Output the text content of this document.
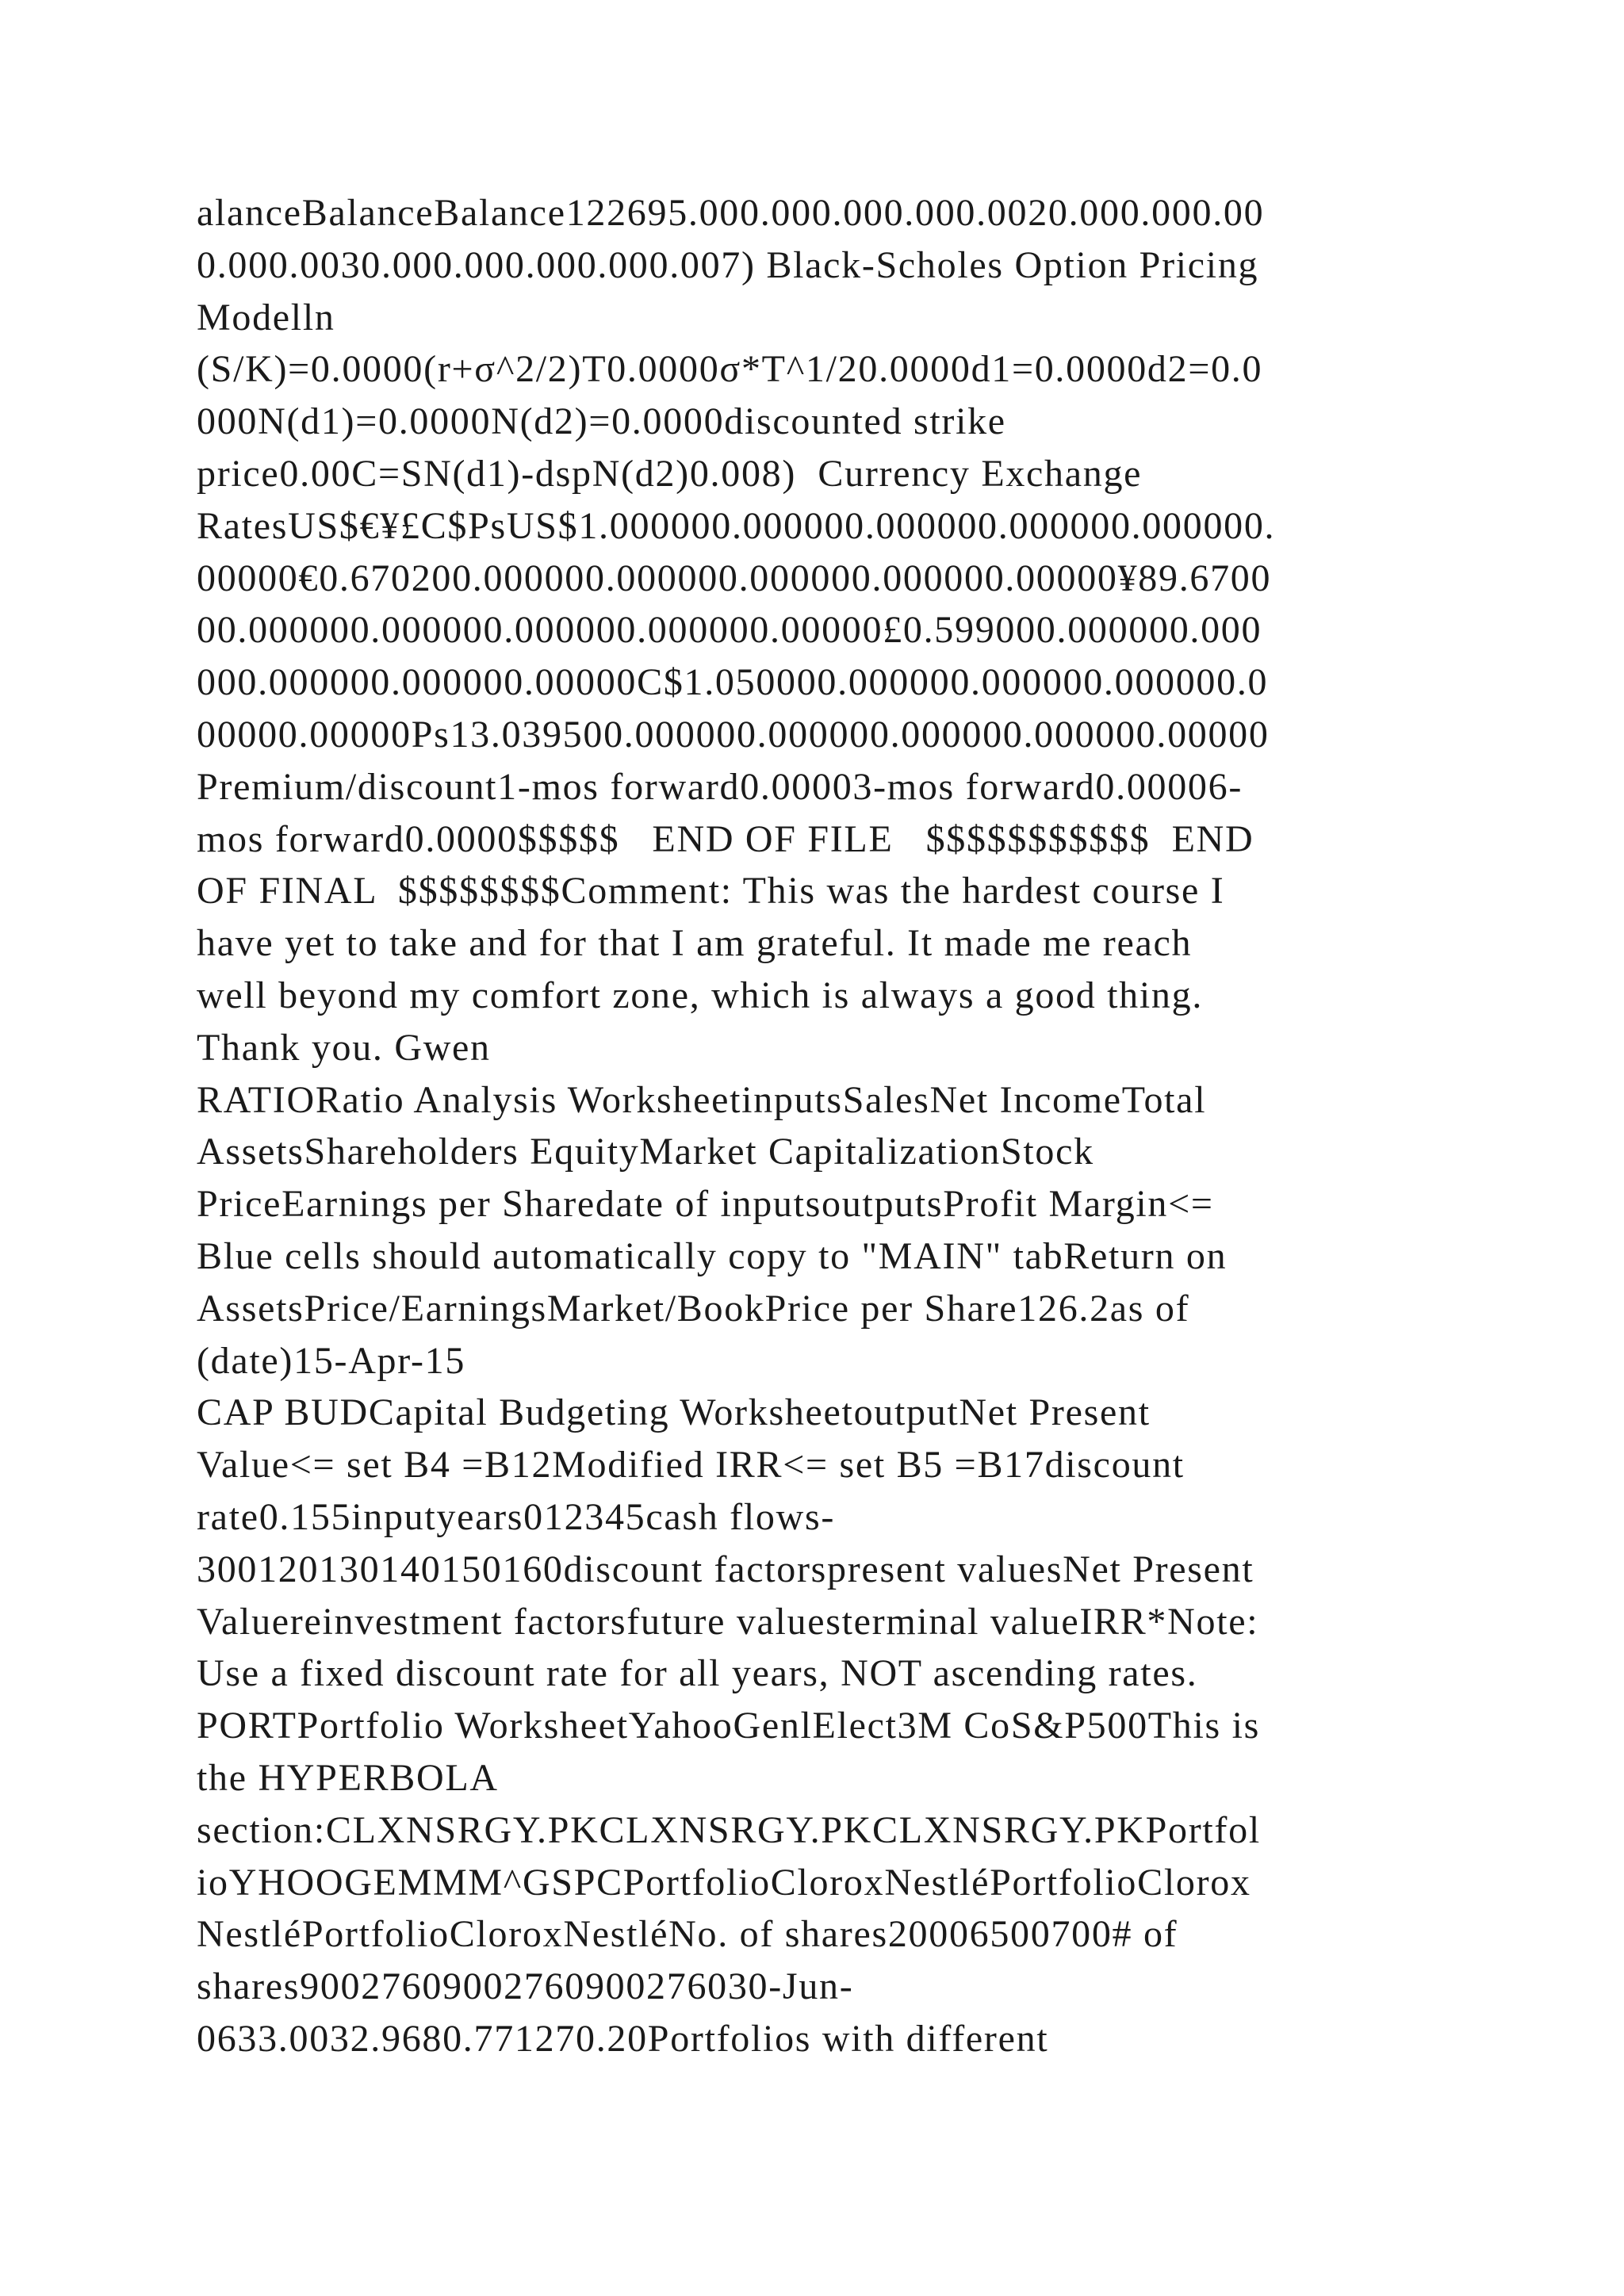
alanceBalanceBalance122695.000.000.000.000.0020.000.000.00
0.000.0030.000.000.000.000.007) Black-Scholes Option Pricing
Modelln
(S/K)=0.0000(r+σ^2/2)T0.0000σ*T^1/20.0000d1=0.0000d2=0.0
000N(d1)=0.0000N(d2)=0.0000discounted strike
price0.00C=SN(d1)-dspN(d2)0.008)  Currency Exchange
RatesUS$€¥£C$PsUS$1.000000.000000.000000.000000.000000.
00000€0.670200.000000.000000.000000.000000.00000¥89.6700
00.000000.000000.000000.000000.00000£0.599000.000000.000
000.000000.000000.00000C$1.050000.000000.000000.000000.0
00000.00000Ps13.039500.000000.000000.000000.000000.00000
Premium/discount1-mos forward0.00003-mos forward0.00006-
mos forward0.0000$$$$$   END OF FILE   $$$$$$$$$$$  END
OF FINAL  $$$$$$$$Comment: This was the hardest course I
have yet to take and for that I am grateful. It made me reach
well beyond my comfort zone, which is always a good thing.
Thank you. Gwen
RATIORatio Analysis WorksheetinputsSalesNet IncomeTotal
AssetsShareholders EquityMarket CapitalizationStock
PriceEarnings per Sharedate of inputsoutputsProfit Margin<=
Blue cells should automatically copy to "MAIN" tabReturn on
AssetsPrice/EarningsMarket/BookPrice per Share126.2as of
(date)15-Apr-15
CAP BUDCapital Budgeting WorksheetoutputNet Present
Value<= set B4 =B12Modified IRR<= set B5 =B17discount
rate0.155inputyears012345cash flows-
300120130140150160discount factorspresent valuesNet Present
Valuereinvestment factorsfuture valuesterminal valueIRR*Note:
Use a fixed discount rate for all years, NOT ascending rates.
PORTPortfolio WorksheetYahooGenlElect3M CoS&P500This is
the HYPERBOLA
section:CLXNSRGY.PKCLXNSRGY.PKCLXNSRGY.PKPortfol
ioYHOOGEMMM^GSPCPortfolioCloroxNestléPortfolioClorox
NestléPortfolioCloroxNestléNo. of shares20006500700# of
shares90027609002760900276030-Jun-
0633.0032.9680.771270.20Portfolios with different
